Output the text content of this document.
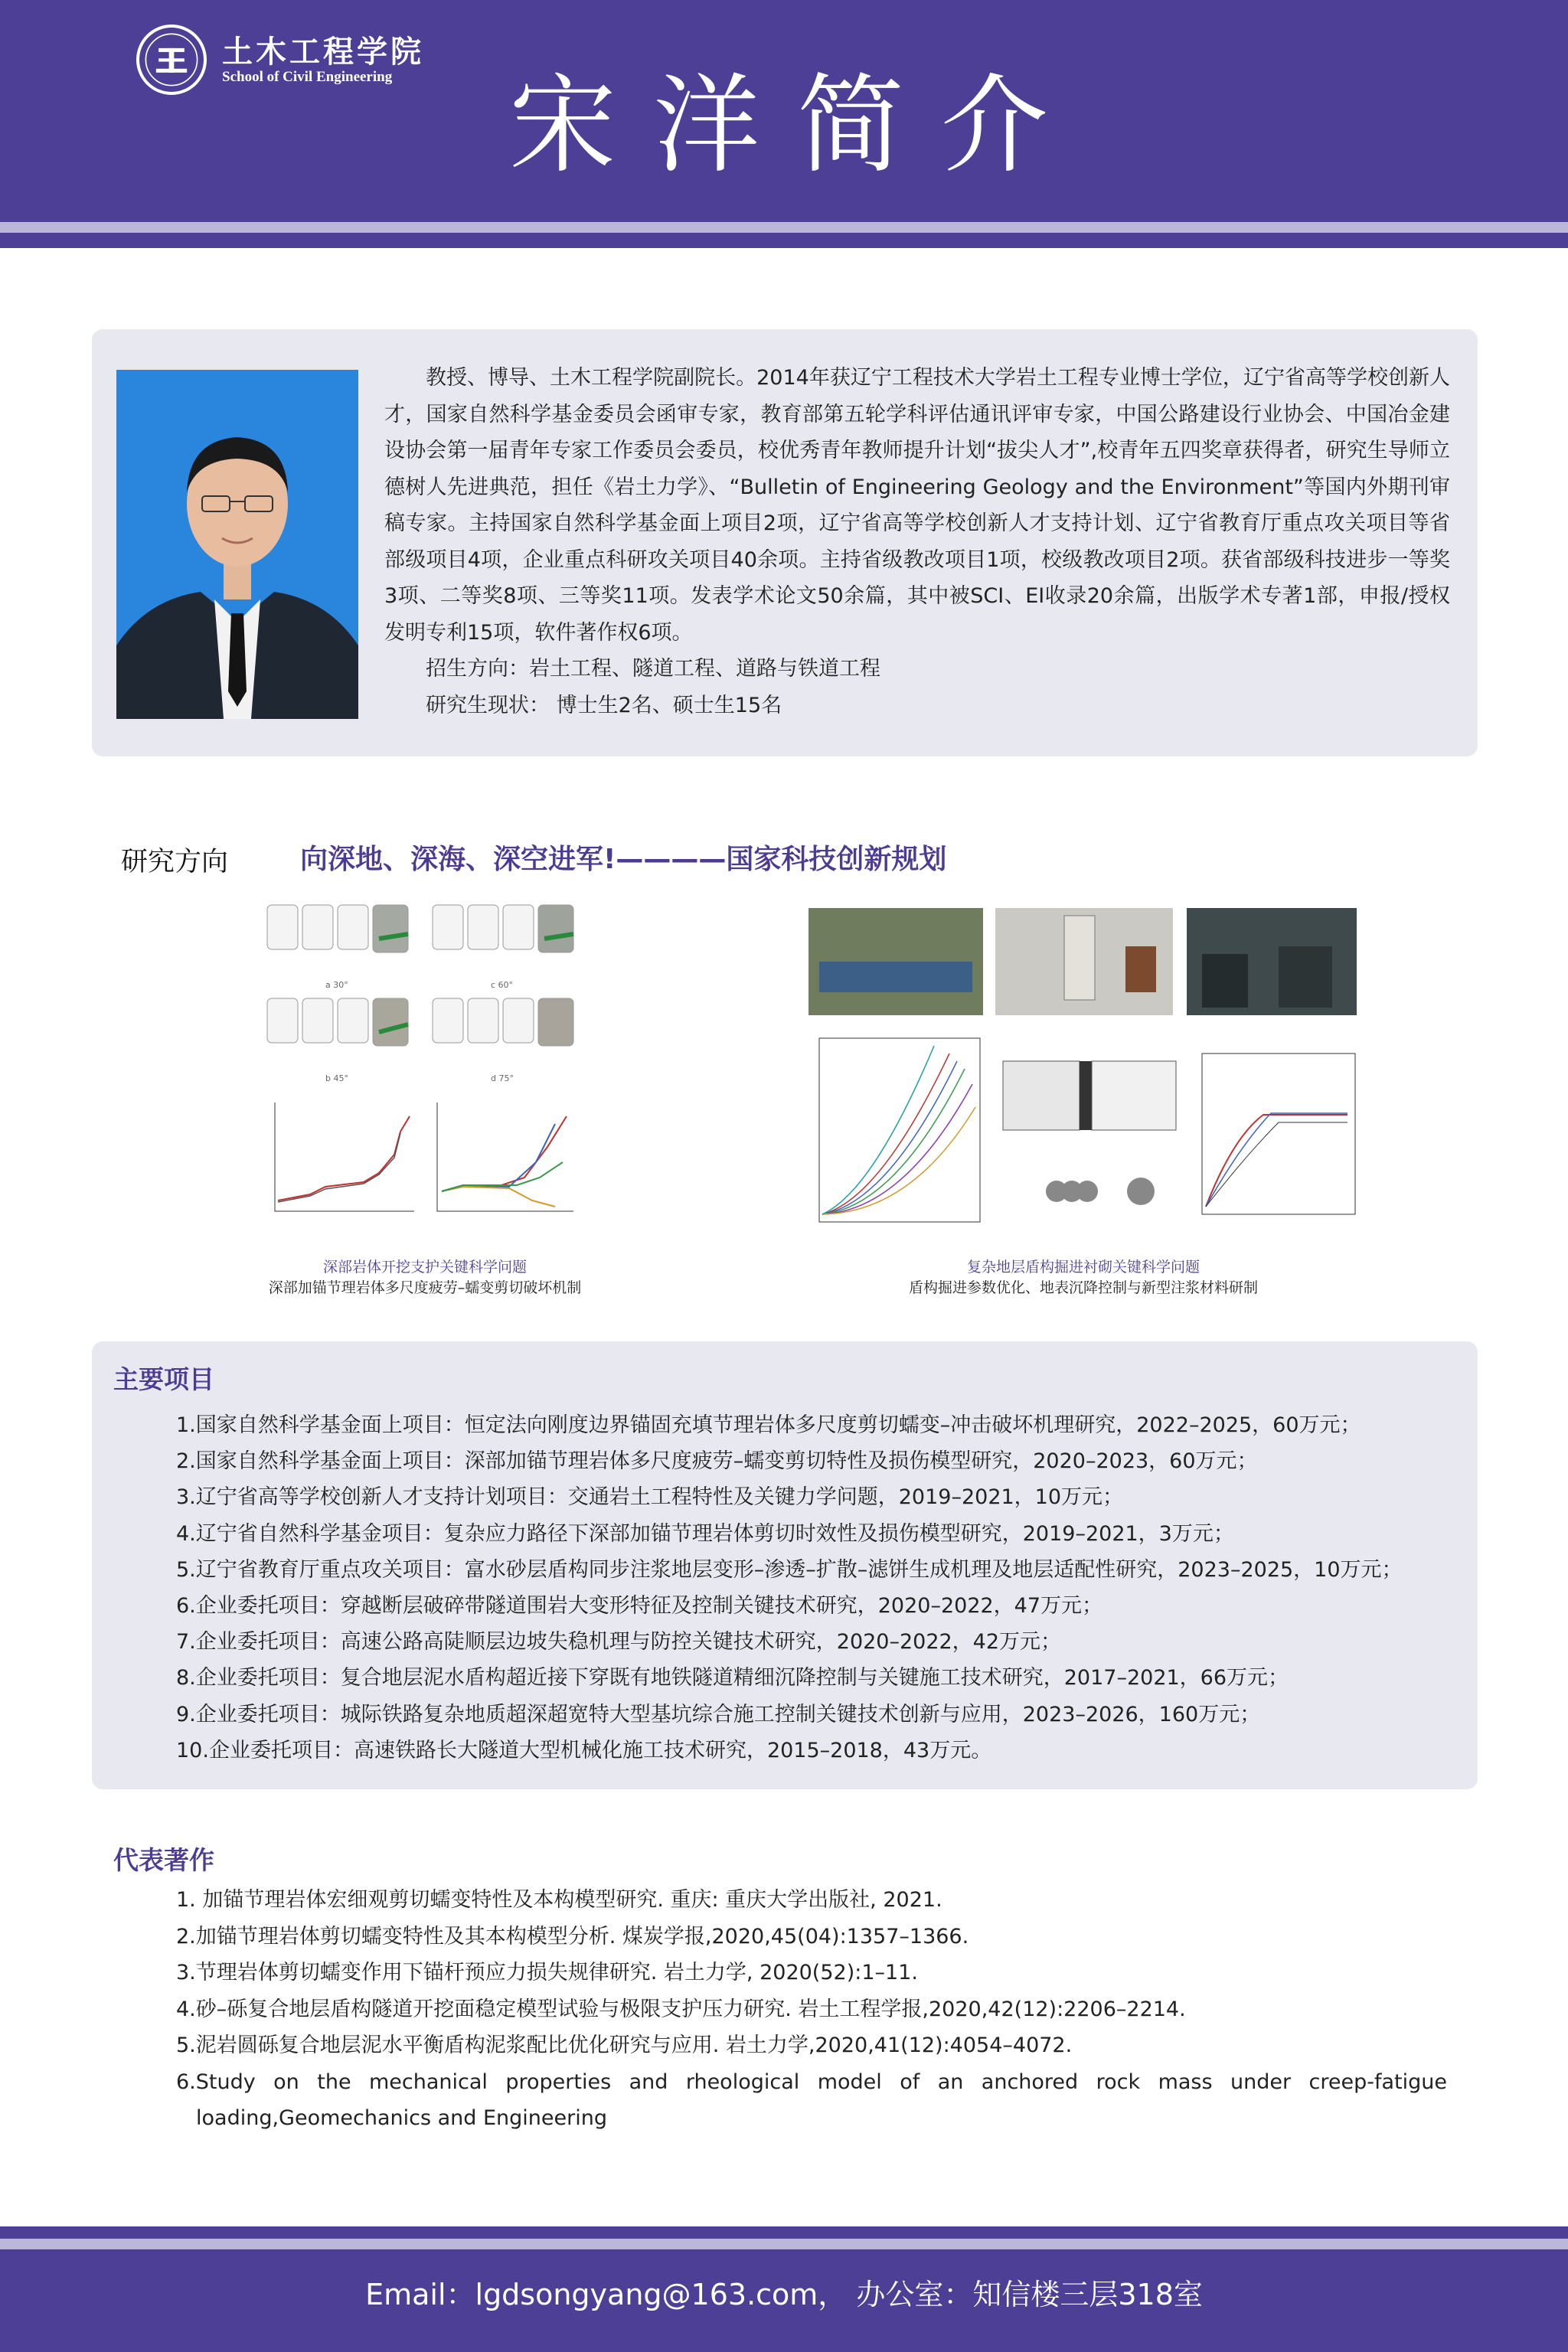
土木工程学院
School of Civil Engineering 宋洋简介

教授、博导、土木工程学院副院长。2014年获辽宁工程技术大学岩土工程专业博士学位，辽宁省高等学校创新人才，国家自然科学基金委员会函审专家，教育部第五轮学科评估通讯评审专家，中国公路建设行业协会、中国冶金建设协会第一届青年专家工作委员会委员，校优秀青年教师提升计划“拔尖人才”,校青年五四奖章获得者，研究生导师立德树人先进典范，担任《岩土力学》、“Bulletin of Engineering Geology and the Environment”等国内外期刊审稿专家。主持国家自然科学基金面上项目2项，辽宁省高等学校创新人才支持计划、辽宁省教育厅重点攻关项目等省部级项目4项，企业重点科研攻关项目40余项。主持省级教改项目1项，校级教改项目2项。获省部级科技进步一等奖3项、二等奖8项、三等奖11项。发表学术论文50余篇，其中被SCI、EI收录20余篇，出版学术专著1部，申报/授权发明专利15项，软件著作权6项。

招生方向：岩土工程、隧道工程、道路与铁道工程

研究生现状： 博士生2名、硕士生15名

研究方向	向深地、深海、深空进军!————国家科技创新规划
a 30°	c 60°
b 45°	d 75°
深部岩体开挖支护关键科学问题
深部加锚节理岩体多尺度疲劳–蠕变剪切破坏机制
复杂地层盾构掘进衬砌关键科学问题
盾构掘进参数优化、地表沉降控制与新型注浆材料研制
主要项目
1.国家自然科学基金面上项目：恒定法向刚度边界锚固充填节理岩体多尺度剪切蠕变–冲击破坏机理研究，2022–2025，60万元；
2.国家自然科学基金面上项目：深部加锚节理岩体多尺度疲劳–蠕变剪切特性及损伤模型研究，2020–2023，60万元；
3.辽宁省高等学校创新人才支持计划项目：交通岩土工程特性及关键力学问题，2019–2021，10万元；
4.辽宁省自然科学基金项目：复杂应力路径下深部加锚节理岩体剪切时效性及损伤模型研究，2019–2021，3万元；
5.辽宁省教育厅重点攻关项目：富水砂层盾构同步注浆地层变形–渗透–扩散–滤饼生成机理及地层适配性研究，2023–2025，10万元；
6.企业委托项目：穿越断层破碎带隧道围岩大变形特征及控制关键技术研究，2020–2022，47万元；
7.企业委托项目：高速公路高陡顺层边坡失稳机理与防控关键技术研究，2020–2022，42万元；
8.企业委托项目：复合地层泥水盾构超近接下穿既有地铁隧道精细沉降控制与关键施工技术研究，2017–2021，66万元；
9.企业委托项目：城际铁路复杂地质超深超宽特大型基坑综合施工控制关键技术创新与应用，2023–2026，160万元；
10.企业委托项目：高速铁路长大隧道大型机械化施工技术研究，2015–2018，43万元。
代表著作
1. 加锚节理岩体宏细观剪切蠕变特性及本构模型研究. 重庆: 重庆大学出版社, 2021.
2.加锚节理岩体剪切蠕变特性及其本构模型分析. 煤炭学报,2020,45(04):1357–1366.
3.节理岩体剪切蠕变作用下锚杆预应力损失规律研究. 岩土力学, 2020(52):1–11.
4.砂–砾复合地层盾构隧道开挖面稳定模型试验与极限支护压力研究. 岩土工程学报,2020,42(12):2206–2214.
5.泥岩圆砾复合地层泥水平衡盾构泥浆配比优化研究与应用. 岩土力学,2020,41(12):4054–4072.
6.Study on the mechanical properties and rheological model of an anchored rock mass under creep-fatigue loading,Geomechanics and Engineering
Email：lgdsongyang@163.com， 办公室：知信楼三层318室
